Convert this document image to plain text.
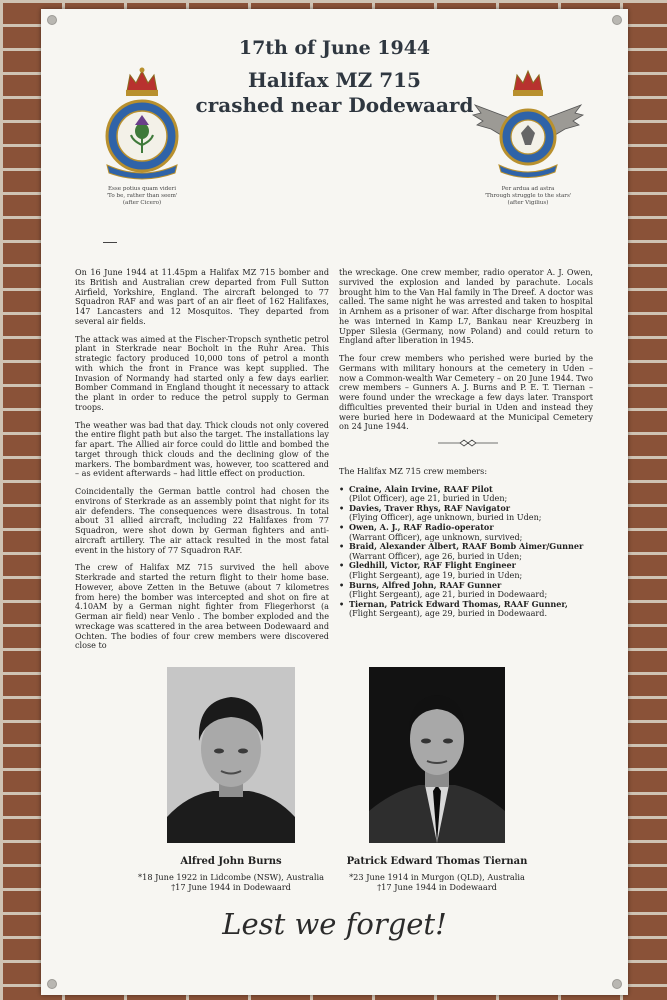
17th of June 1944
Halifax MZ 715
crashed near Dodewaard
Esse potius quam videri
'To be, rather than seem'
(after Cicero)
Per ardua ad astra
'Through struggle to the stars'
(after Vigilius)

On 16 June 1944 at 11.45pm a Halifax MZ 715 bomber and its British and Australian crew departed from Full Sutton Airfield, Yorkshire, England. The aircraft belonged to 77 Squadron RAF and was part of an air fleet of 162 Halifaxes, 147 Lancasters and 12 Mosquitos. They departed from several air fields.

The attack was aimed at the Fischer-Tropsch synthetic petrol plant in Sterkrade near Bocholt in the Ruhr Area. This strategic factory produced 10,000 tons of petrol a month with which the front in France was kept supplied. The Invasion of Normandy had started only a few days earlier. Bomber Command in England thought it necessary to attack the plant in order to reduce the petrol supply to German troops.

The weather was bad that day. Thick clouds not only covered the entire flight path but also the target. The installations lay far apart. The Allied air force could do little and bombed the target through thick clouds and the declining glow of the markers. The bombardment was, however, too scattered and – as evident afterwards – had little effect on production.

Coincidentally the German battle control had chosen the environs of Sterkrade as an assembly point that night for its air defenders. The consequences were disastrous. In total about 31 allied aircraft, including 22 Halifaxes from 77 Squadron, were shot down by German fighters and anti-aircraft artillery. The air attack resulted in the most fatal event in the history of 77 Squadron RAF.

The crew of Halifax MZ 715 survived the hell above Sterkrade and started the return flight to their home base. However, above Zetten in the Betuwe (about 7 kilometres from here) the bomber was intercepted and shot on fire at 4.10AM by a German night fighter from Fliegerhorst (a German air field) near Venlo . The bomber exploded and the wreckage was scattered in the area between Dodewaard and Ochten. The bodies of four crew members were discovered close to

the wreckage. One crew member, radio operator A. J. Owen, survived the explosion and landed by parachute. Locals brought him to the Van Hal family in The Dreef. A doctor was called. The same night he was arrested and taken to hospital in Arnhem as a prisoner of war. After discharge from hospital he was interned in Kamp L7, Bankau near Kreuzberg in Upper Silesia (Germany, now Poland) and could return to England after liberation in 1945.

The four crew members who perished were buried by the Germans with military honours at the cemetery in Uden – now a Common-wealth War Cemetery – on 20 June 1944. Two crew members – Gunners A. J. Burns and P. E. T. Tiernan – were found under the wreckage a few days later. Transport difficulties prevented their burial in Uden and instead they were buried here in Dodewaard at the Municipal Cemetery on 24 June 1944.

The Halifax MZ 715 crew members:

• Craine, Alain Irvine, RAAF Pilot
(Pilot Officer), age 21, buried in Uden;
• Davies, Traver Rhys, RAF Navigator
(Flying Officer), age unknown, buried in Uden;
• Owen, A. J., RAF Radio-operator
(Warrant Officer), age unknown, survived;
• Braid, Alexander Albert, RAAF Bomb Aimer/Gunner
(Warrant Officer), age 26, buried in Uden;
• Gledhill, Victor, RAF Flight Engineer
(Flight Sergeant), age 19, buried in Uden;
• Burns, Alfred John, RAAF Gunner
(Flight Sergeant), age 21, buried in Dodewaard;
• Tiernan, Patrick Edward Thomas, RAAF Gunner,
(Flight Sergeant), age 29, buried in Dodewaard.
Alfred John Burns
*18 June 1922 in Lidcombe (NSW), Australia
†17 June 1944 in Dodewaard
Patrick Edward Thomas Tiernan
*23 June 1914 in Murgon (QLD), Australia
†17 June 1944 in Dodewaard
Lest we forget!
